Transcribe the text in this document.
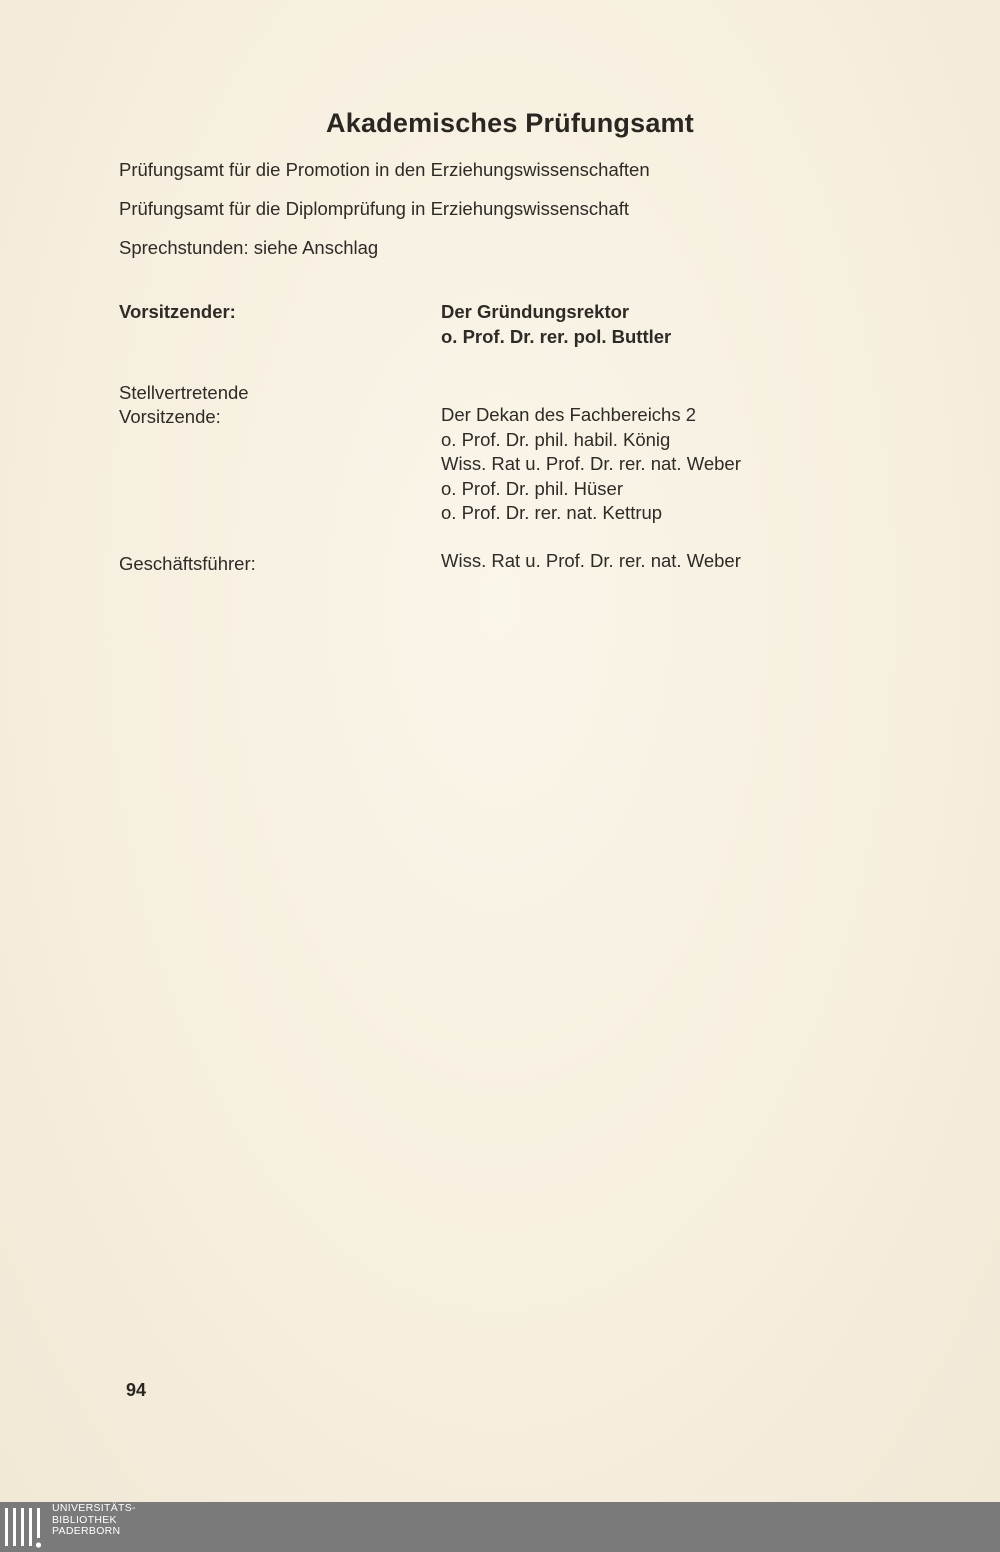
Akademisches Prüfungsamt
Prüfungsamt für die Promotion in den Erziehungswissenschaften
Prüfungsamt für die Diplomprüfung in Erziehungswissenschaft
Sprechstunden: siehe Anschlag
Vorsitzender:	Der Gründungsrektor
o. Prof. Dr. rer. pol. Buttler
Stellvertretende
Vorsitzende:	Der Dekan des Fachbereichs 2
o. Prof. Dr. phil. habil. König
Wiss. Rat u. Prof. Dr. rer. nat. Weber
o. Prof. Dr. phil. Hüser
o. Prof. Dr. rer. nat. Kettrup
Geschäftsführer:	Wiss. Rat u. Prof. Dr. rer. nat. Weber
94
UNIVERSITÄTS-
BIBLIOTHEK
PADERBORN
